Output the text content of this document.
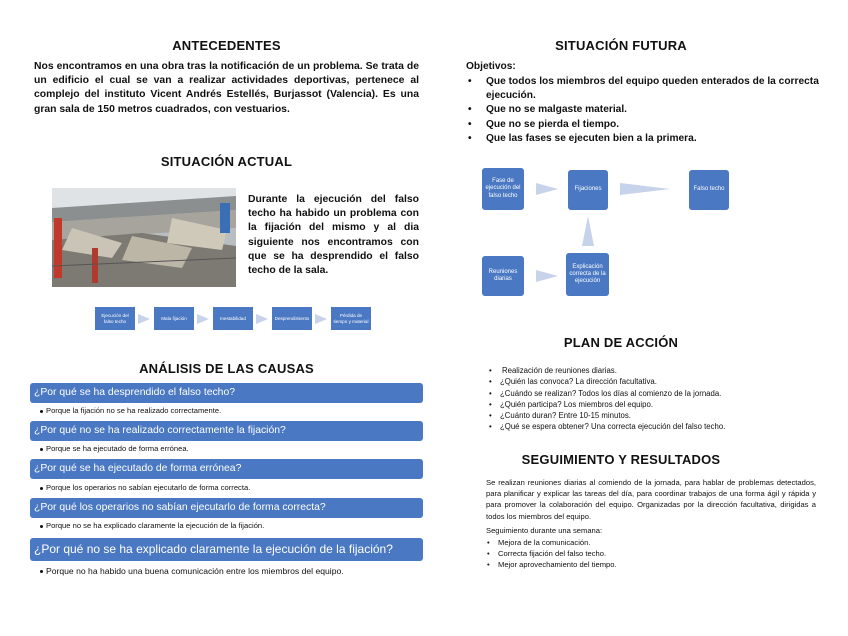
ANTECEDENTES

Nos encontramos en una obra tras la notificación de un problema. Se trata de un edificio el cual se van a realizar actividades deportivas, pertenece al complejo del instituto Vicent Andrés Estellés, Burjassot (Valencia). Es una gran sala de 150 metros cuadrados, con vestuarios.

SITUACIÓN ACTUAL

Durante la ejecución del falso techo ha habido un problema con la fijación del mismo y al dia siguiente nos encontramos con que se ha desprendido el falso techo de la sala.

Ejecución del falso techo
Mala fijación	Inestabilidad	Desprendimiento
Pérdida de tiempo y material
ANÁLISIS DE LAS CAUSAS
¿Por qué se ha desprendido el falso techo?
Porque la fijación no se ha realizado correctamente.
¿Por qué no se ha realizado correctamente la fijación?
Porque se ha ejecutado de forma errónea.
¿Por qué se ha ejecutado de forma errónea?
Porque los operarios no sabían ejecutarlo de forma correcta.
¿Por qué los operarios no sabían ejecutarlo de forma correcta?
Porque no se ha explicado claramente la ejecución de la fijación.
¿Por qué no se ha explicado claramente la ejecución de la fijación?
Porque no ha habido una buena comunicación entre los miembros del equipo.
SITUACIÓN FUTURA
Objetivos:
• Que todos los miembros del equipo queden enterados de la correcta ejecución.
• Que no se malgaste material.
• Que no se pierda el tiempo.
• Que las fases se ejecuten bien a la primera.
Fase de ejecución del falso techo
Fijaciones	Falso techo
Reuniones diarias
Explicación correcta de la ejecución
PLAN DE ACCIÓN
• Realización de reuniones diarias.
• ¿Quién las convoca? La dirección facultativa.
• ¿Cuándo se realizan? Todos los días al comienzo de la jornada.
• ¿Quién participa? Los miembros del equipo.
• ¿Cuánto duran? Entre 10-15 minutos.
• ¿Qué se espera obtener? Una correcta ejecución del falso techo.
SEGUIMIENTO Y RESULTADOS

Se realizan reuniones diarias al comiendo de la jornada, para hablar de problemas detectados, para planificar y explicar las tareas del día, para coordinar trabajos de una forma ágil y rápida y para promover la colaboración del equipo. Organizadas por la dirección facultativa, dirigidas a todos los miembros del equipo.

Seguimiento durante una semana:
• Mejora de la comunicación.
• Correcta fijación del falso techo.
• Mejor aprovechamiento del tiempo.
